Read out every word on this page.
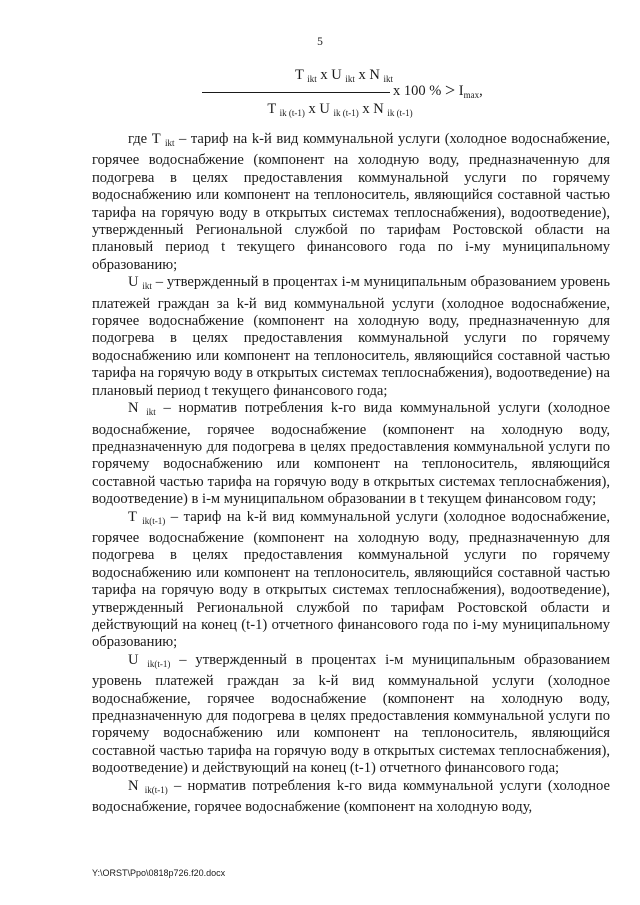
5
T $_{ikt}$ x U $_{ikt}$ x N $_{ikt}$
x 100 % > $I_{max}$,
T $_{ik (t-1)}$ x U $_{ik (t-1)}$ x N $_{ik (t-1)}$

где T $_{ikt}$ – тариф на k-й вид коммунальной услуги (холодное водоснабжение, горячее водоснабжение (компонент на холодную воду, предназначенную для подогрева в целях предоставления коммунальной услуги по горячему водоснабжению или компонент на теплоноситель, являющийся составной частью тарифа на горячую воду в открытых системах теплоснабжения), водоотведение), утвержденный Региональной службой по тарифам Ростовской области на плановый период t текущего финансового года по i-му муниципальному образованию;

U $_{ikt}$ – утвержденный в процентах i-м муниципальным образованием уровень платежей граждан за k-й вид коммунальной услуги (холодное водоснабжение, горячее водоснабжение (компонент на холодную воду, предназначенную для подогрева в целях предоставления коммунальной услуги по горячему водоснабжению или компонент на теплоноситель, являющийся составной частью тарифа на горячую воду в открытых системах теплоснабжения), водоотведение) на плановый период t текущего финансового года;

N $_{ikt}$ – норматив потребления k-го вида коммунальной услуги (холодное водоснабжение, горячее водоснабжение (компонент на холодную воду, предназначенную для подогрева в целях предоставления коммунальной услуги по горячему водоснабжению или компонент на теплоноситель, являющийся составной частью тарифа на горячую воду в открытых системах теплоснабжения), водоотведение) в i-м муниципальном образовании в t текущем финансовом году;

T $_{ik(t-1)}$ – тариф на k-й вид коммунальной услуги (холодное водоснабжение, горячее водоснабжение (компонент на холодную воду, предназначенную для подогрева в целях предоставления коммунальной услуги по горячему водоснабжению или компонент на теплоноситель, являющийся составной частью тарифа на горячую воду в открытых системах теплоснабжения), водоотведение), утвержденный Региональной службой по тарифам Ростовской области и действующий на конец (t-1) отчетного финансового года по i-му муниципальному образованию;

U $_{ik(t-1)}$ – утвержденный в процентах i-м муниципальным образованием уровень платежей граждан за k-й вид коммунальной услуги (холодное водоснабжение, горячее водоснабжение (компонент на холодную воду, предназначенную для подогрева в целях предоставления коммунальной услуги по горячему водоснабжению или компонент на теплоноситель, являющийся составной частью тарифа на горячую воду в открытых системах теплоснабжения), водоотведение) и действующий на конец (t-1) отчетного финансового года;

N $_{ik(t-1)}$ – норматив потребления k-го вида коммунальной услуги (холодное водоснабжение, горячее водоснабжение (компонент на холодную воду,

Y:\ORST\Ppo\0818p726.f20.docx
